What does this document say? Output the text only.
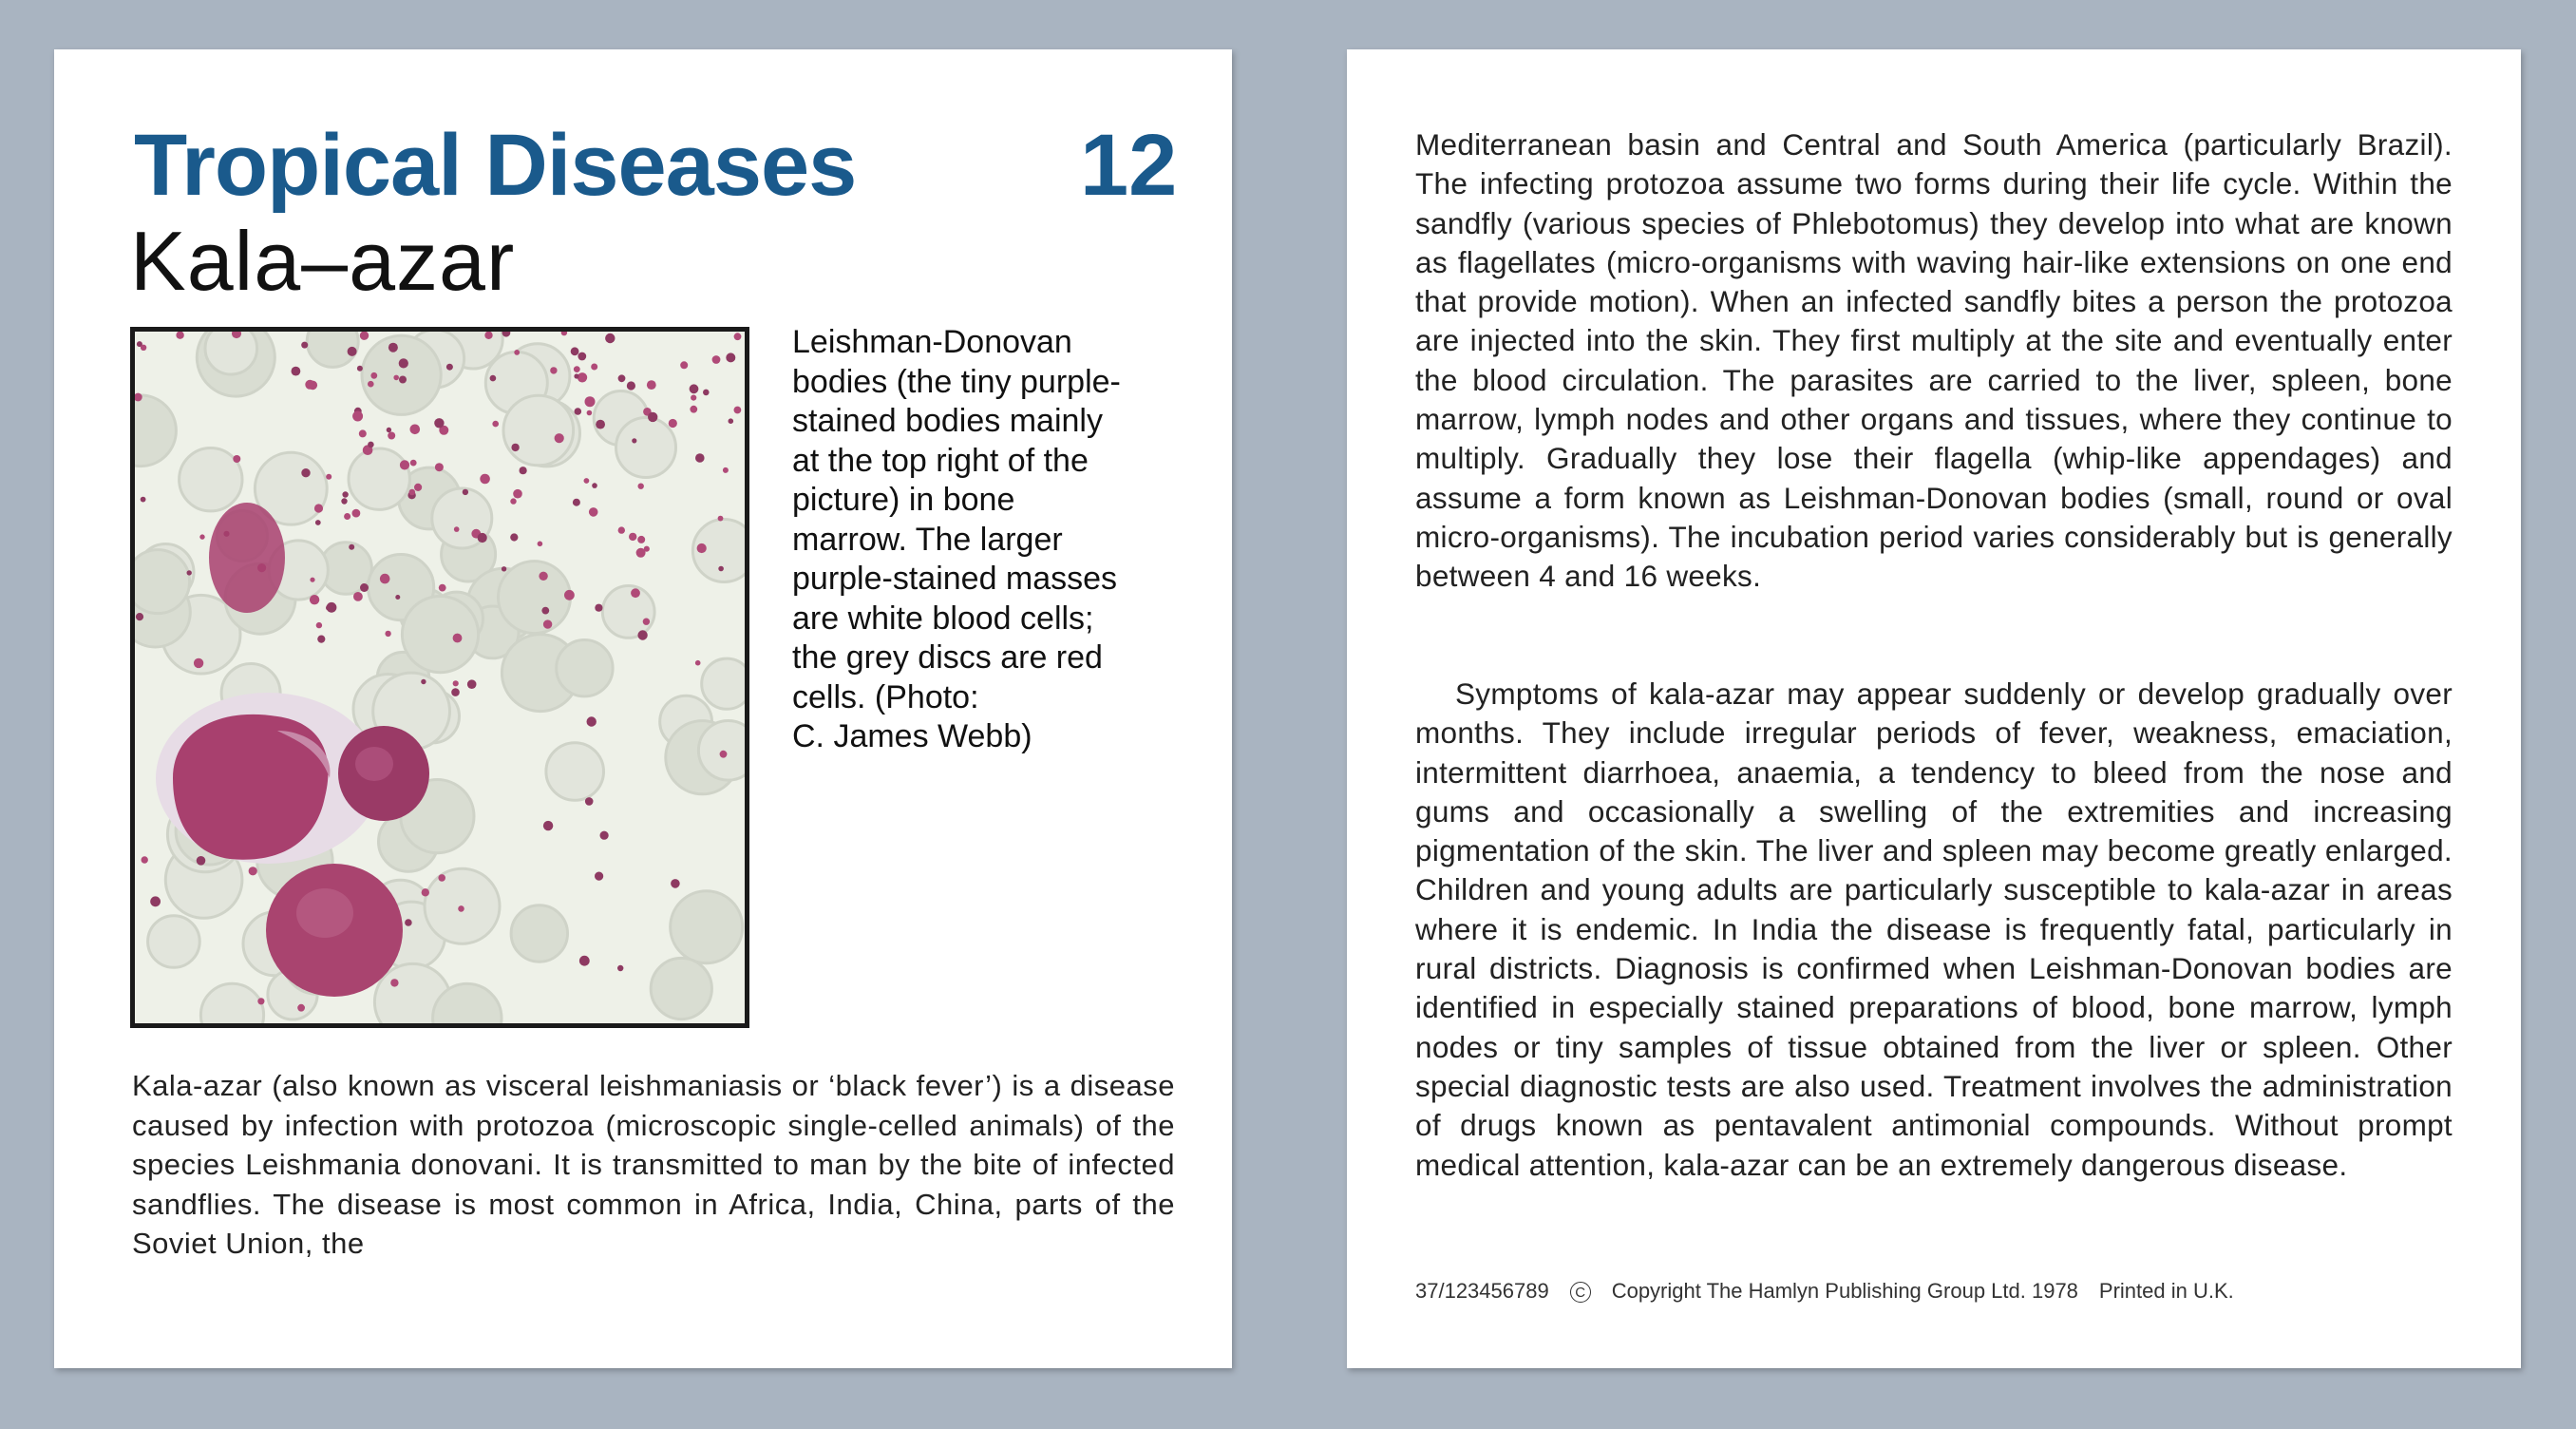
Tropical Diseases	12
Kala–azar

Leishman-Donovan
bodies (the tiny purple-
stained bodies mainly
at the top right of the
picture) in bone
marrow. The larger
purple-stained masses
are white blood cells;
the grey discs are red
cells. (Photo:
C. James Webb)

Kala-azar (also known as visceral leishmaniasis or ‘black fever’) is a disease caused by infection with protozoa (microscopic single-celled animals) of the species Leishmania donovani. It is transmitted to man by the bite of infected sandflies. The disease is most common in Africa, India, China, parts of the Soviet Union, the

Mediterranean basin and Central and South America (particularly Brazil). The infecting protozoa assume two forms during their life cycle. Within the sandfly (various species of Phlebotomus) they develop into what are known as flagellates (micro-organisms with waving hair-like extensions on one end that provide motion). When an infected sandfly bites a person the protozoa are injected into the skin. They first multiply at the site and eventually enter the blood circulation. The parasites are carried to the liver, spleen, bone marrow, lymph nodes and other organs and tissues, where they continue to multiply. Gradually they lose their flagella (whip-like appendages) and assume a form known as Leishman-Donovan bodies (small, round or oval micro-organisms). The incubation period varies considerably but is generally between 4 and 16 weeks.

Symptoms of kala-azar may appear suddenly or develop gradually over months. They include irregular periods of fever, weakness, emaciation, intermittent diarrhoea, anaemia, a tendency to bleed from the nose and gums and occasionally a swelling of the extremities and increasing pigmentation of the skin. The liver and spleen may become greatly enlarged. Children and young adults are particularly susceptible to kala-azar in areas where it is endemic. In India the disease is frequently fatal, particularly in rural districts. Diagnosis is confirmed when Leishman-Donovan bodies are identified in especially stained preparations of blood, bone marrow, lymph nodes or tiny samples of tissue obtained from the liver or spleen. Other special diagnostic tests are also used. Treatment involves the administration of drugs known as pentavalent antimonial compounds. Without prompt medical attention, kala-azar can be an extremely dangerous disease.

37/123456789 C Copyright The Hamlyn Publishing Group Ltd. 1978 Printed in U.K.
